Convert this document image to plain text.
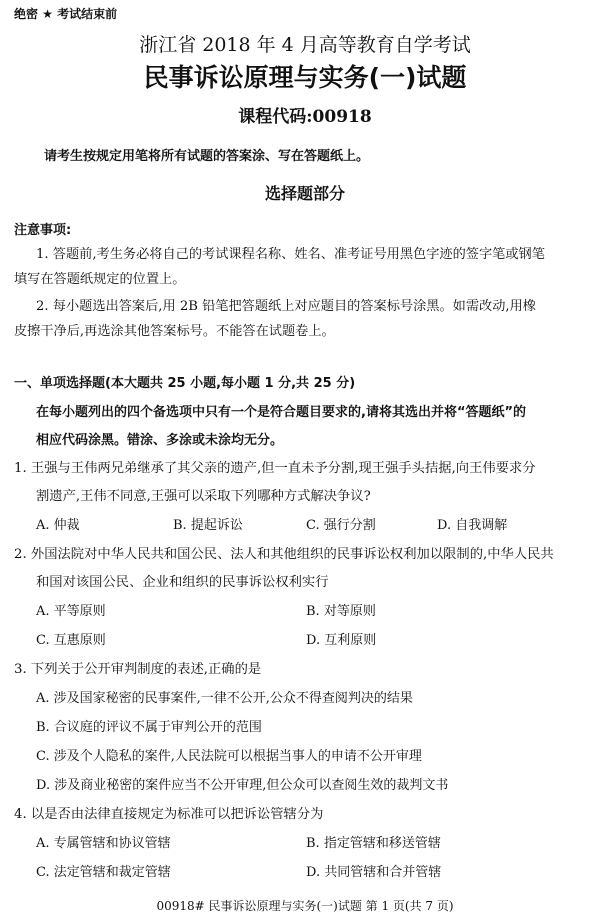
绝密 ★ 考试结束前
浙江省 2018 年 4 月高等教育自学考试
民事诉讼原理与实务(一)试题
课程代码:00918
请考生按规定用笔将所有试题的答案涂、写在答题纸上。
选择题部分
注意事项:
1. 答题前,考生务必将自己的考试课程名称、姓名、准考证号用黑色字迹的签字笔或钢笔
填写在答题纸规定的位置上。
2. 每小题选出答案后,用 2B 铅笔把答题纸上对应题目的答案标号涂黑。如需改动,用橡
皮擦干净后,再选涂其他答案标号。不能答在试题卷上。
一、单项选择题(本大题共 25 小题,每小题 1 分,共 25 分)
在每小题列出的四个备选项中只有一个是符合题目要求的,请将其选出并将“答题纸”的
相应代码涂黑。错涂、多涂或未涂均无分。
1. 王强与王伟两兄弟继承了其父亲的遗产,但一直未予分割,现王强手头拮据,向王伟要求分
割遗产,王伟不同意,王强可以采取下列哪种方式解决争议?
A. 仲裁	B. 提起诉讼	C. 强行分割	D. 自我调解
2. 外国法院对中华人民共和国公民、法人和其他组织的民事诉讼权利加以限制的,中华人民共
和国对该国公民、企业和组织的民事诉讼权利实行
A. 平等原则	B. 对等原则
C. 互惠原则	D. 互利原则
3. 下列关于公开审判制度的表述,正确的是
A. 涉及国家秘密的民事案件,一律不公开,公众不得查阅判决的结果
B. 合议庭的评议不属于审判公开的范围
C. 涉及个人隐私的案件,人民法院可以根据当事人的申请不公开审理
D. 涉及商业秘密的案件应当不公开审理,但公众可以查阅生效的裁判文书
4. 以是否由法律直接规定为标准可以把诉讼管辖分为
A. 专属管辖和协议管辖	B. 指定管辖和移送管辖
C. 法定管辖和裁定管辖	D. 共同管辖和合并管辖
00918# 民事诉讼原理与实务(一)试题 第 1 页(共 7 页)
